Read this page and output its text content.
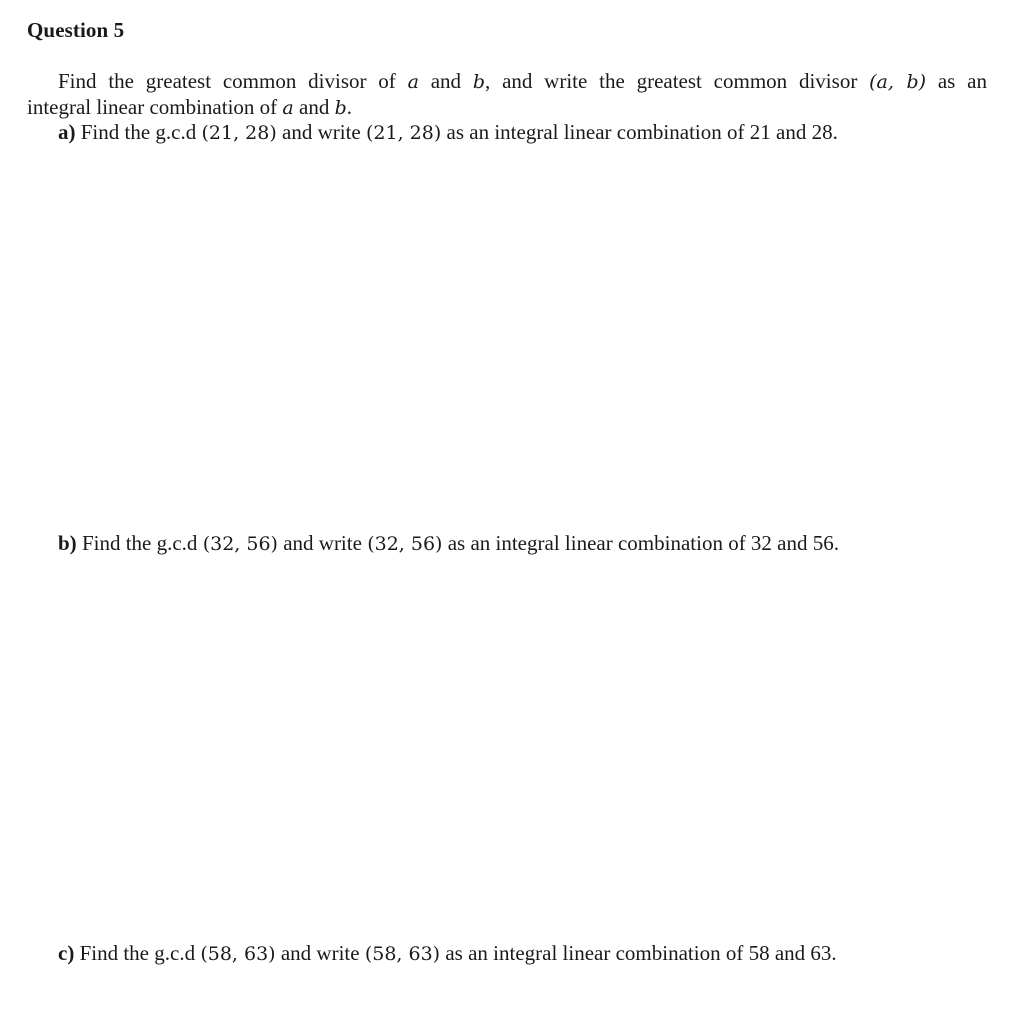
Question 5
Find the greatest common divisor of a and b, and write the greatest common divisor (a, b) as an
integral linear combination of a and b.
a) Find the g.c.d (21, 28) and write (21, 28) as an integral linear combination of 21 and 28.
b) Find the g.c.d (32, 56) and write (32, 56) as an integral linear combination of 32 and 56.
c) Find the g.c.d (58, 63) and write (58, 63) as an integral linear combination of 58 and 63.
